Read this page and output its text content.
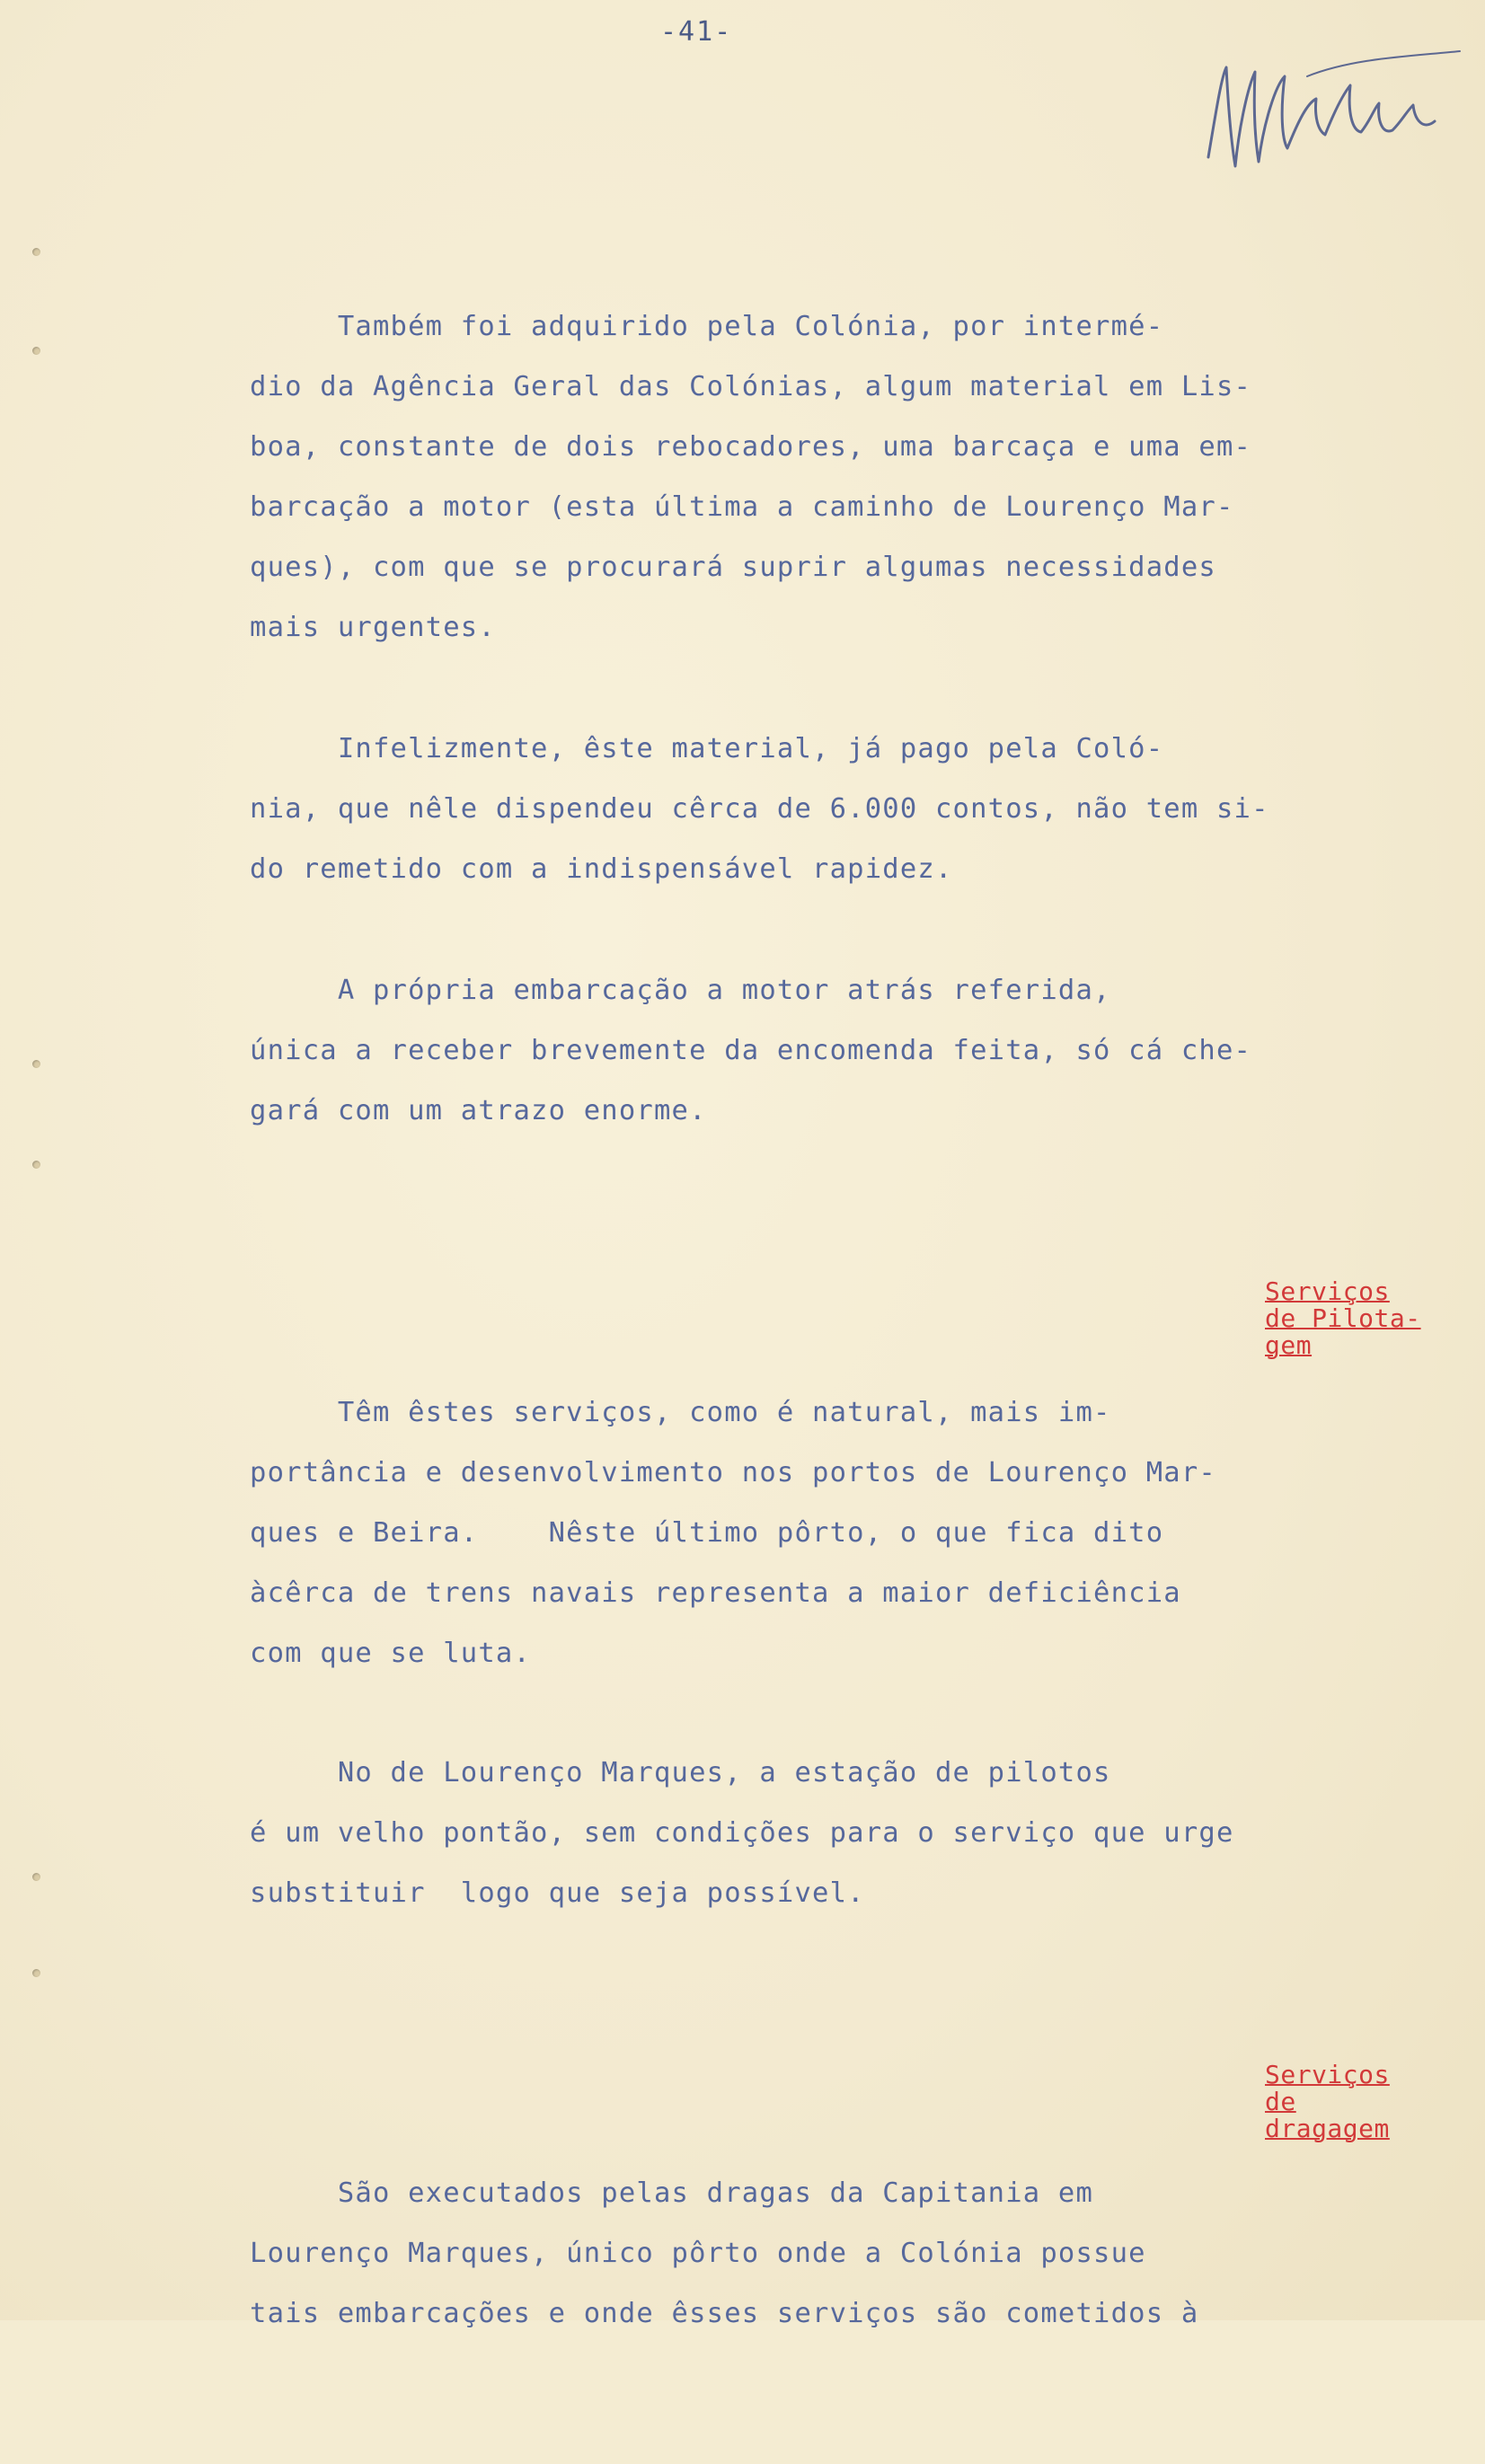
-41-

Também foi adquirido pela Colónia, por intermé-
dio da Agência Geral das Colónias, algum material em Lis-
boa, constante de dois rebocadores, uma barcaça e uma em-
barcação a motor (esta última a caminho de Lourenço Mar-
ques), com que se procurará suprir algumas necessidades
mais urgentes.

Infelizmente, êste material, já pago pela Coló-
nia, que nêle dispendeu cêrca de 6.000 contos, não tem si-
do remetido com a indispensável rapidez.

A própria embarcação a motor atrás referida,
única a receber brevemente da encomenda feita, só cá che-
gará com um atrazo enorme.

Têm êstes serviços, como é natural, mais im-
portância e desenvolvimento nos portos de Lourenço Mar-
ques e Beira.    Nêste último pôrto, o que fica dito
àcêrca de trens navais representa a maior deficiência
com que se luta.

Serviços
de Pilota-
gem

No de Lourenço Marques, a estação de pilotos
é um velho pontão, sem condições para o serviço que urge
substituir  logo que seja possível.

São executados pelas dragas da Capitania em
Lourenço Marques, único pôrto onde a Colónia possue
tais embarcações e onde êsses serviços são cometidos à

Serviços
de
dragagem
